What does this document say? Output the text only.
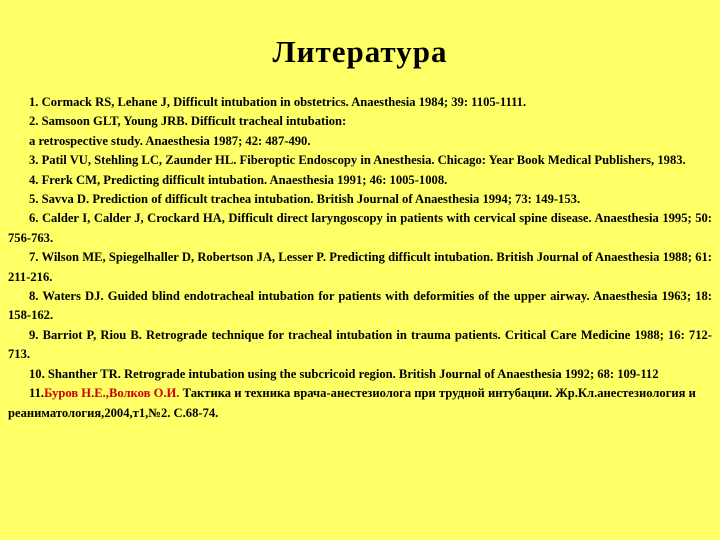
Литература

1. Cormack RS, Lehane J, Difficult intubation in obstetrics. Anaesthesia 1984; 39: 1105-1111.

2. Samsoon GLT, Young JRB. Difficult tracheal intubation:

a retrospective study. Anaesthesia 1987; 42: 487-490.

3. Patil VU, Stehling LC, Zaunder HL. Fiberoptic Endoscopy in Anesthesia. Chicago: Year Book Medical Publishers, 1983.

4. Frerk CM, Predicting difficult intubation. Anaesthesia 1991; 46: 1005-1008.

5. Savva D. Prediction of difficult trachea intubation. British Journal of Anaesthesia 1994; 73: 149-153.

6. Calder I, Calder J, Crockard HA, Difficult direct laryngoscopy in patients with cervical spine disease. Anaesthesia 1995; 50: 756-763.

7. Wilson ME, Spiegelhaller D, Robertson JA, Lesser P. Predicting difficult intubation. British Journal of Anaesthesia 1988; 61: 211-216.

8. Waters DJ. Guided blind endotracheal intubation for patients with deformities of the upper airway. Anaesthesia 1963; 18: 158-162.

9. Barriot P, Riou B. Retrograde technique for tracheal intubation in trauma patients. Critical Care Medicine 1988; 16: 712-713.

10. Shanther TR. Retrograde intubation using the subcricoid region. British Journal of Anaesthesia 1992; 68: 109-112

11.Буров Н.Е.,Волков О.И. Тактика и техника врача-анестезиолога при трудной интубации. Жр.Кл.анестезиология и реаниматология,2004,т1,№2. С.68-74.
